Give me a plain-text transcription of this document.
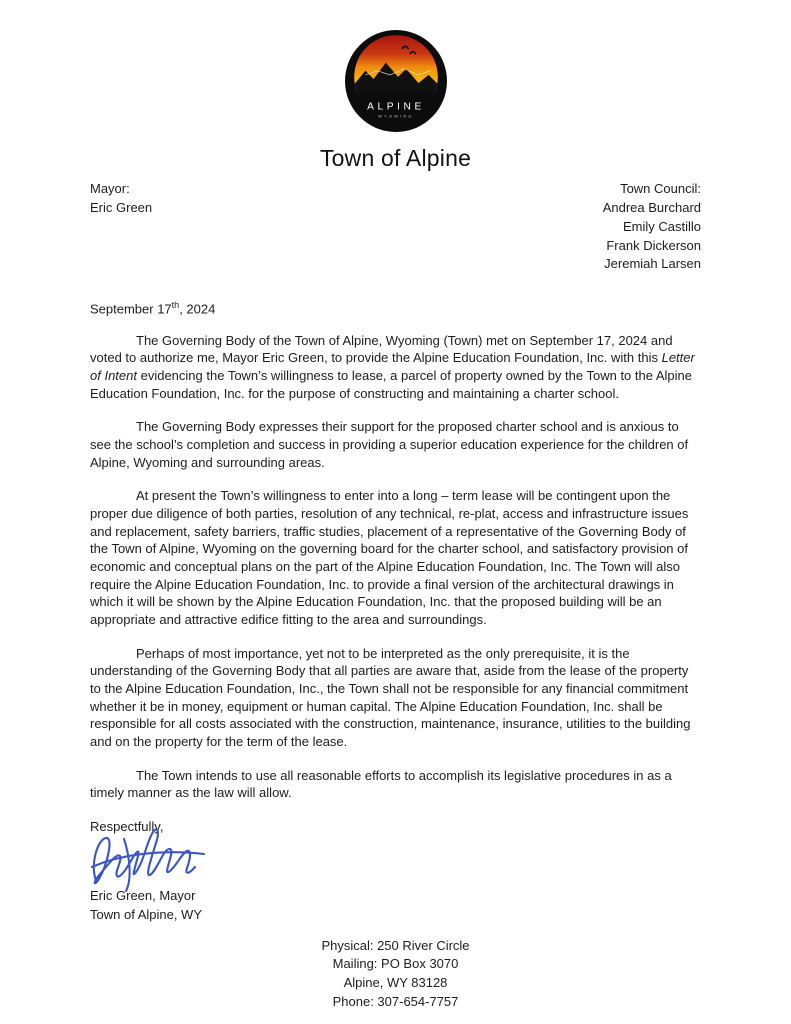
ALPINE
WYOMING
Town of Alpine
Mayor:
Eric Green
Town Council:
Andrea Burchard
Emily Castillo
Frank Dickerson
Jeremiah Larsen
September 17th, 2024

The Governing Body of the Town of Alpine, Wyoming (Town) met on September 17, 2024 and voted to authorize me, Mayor Eric Green, to provide the Alpine Education Foundation, Inc. with this Letter of Intent evidencing the Town’s willingness to lease, a parcel of property owned by the Town to the Alpine Education Foundation, Inc. for the purpose of constructing and maintaining a charter school.

The Governing Body expresses their support for the proposed charter school and is anxious to see the school’s completion and success in providing a superior education experience for the children of Alpine, Wyoming and surrounding areas.

At present the Town’s willingness to enter into a long – term lease will be contingent upon the proper due diligence of both parties, resolution of any technical, re-plat, access and infrastructure issues and replacement, safety barriers, traffic studies, placement of a representative of the Governing Body of the Town of Alpine, Wyoming on the governing board for the charter school, and satisfactory provision of economic and conceptual plans on the part of the Alpine Education Foundation, Inc. The Town will also require the Alpine Education Foundation, Inc. to provide a final version of the architectural drawings in which it will be shown by the Alpine Education Foundation, Inc. that the proposed building will be an appropriate and attractive edifice fitting to the area and surroundings.

Perhaps of most importance, yet not to be interpreted as the only prerequisite, it is the understanding of the Governing Body that all parties are aware that, aside from the lease of the property to the Alpine Education Foundation, Inc., the Town shall not be responsible for any financial commitment whether it be in money, equipment or human capital. The Alpine Education Foundation, Inc. shall be responsible for all costs associated with the construction, maintenance, insurance, utilities to the building and on the property for the term of the lease.

The Town intends to use all reasonable efforts to accomplish its legislative procedures in as a timely manner as the law will allow.

Respectfully,
Eric Green, Mayor
Town of Alpine, WY
Physical: 250 River Circle
Mailing: PO Box 3070
Alpine, WY 83128
Phone: 307-654-7757
